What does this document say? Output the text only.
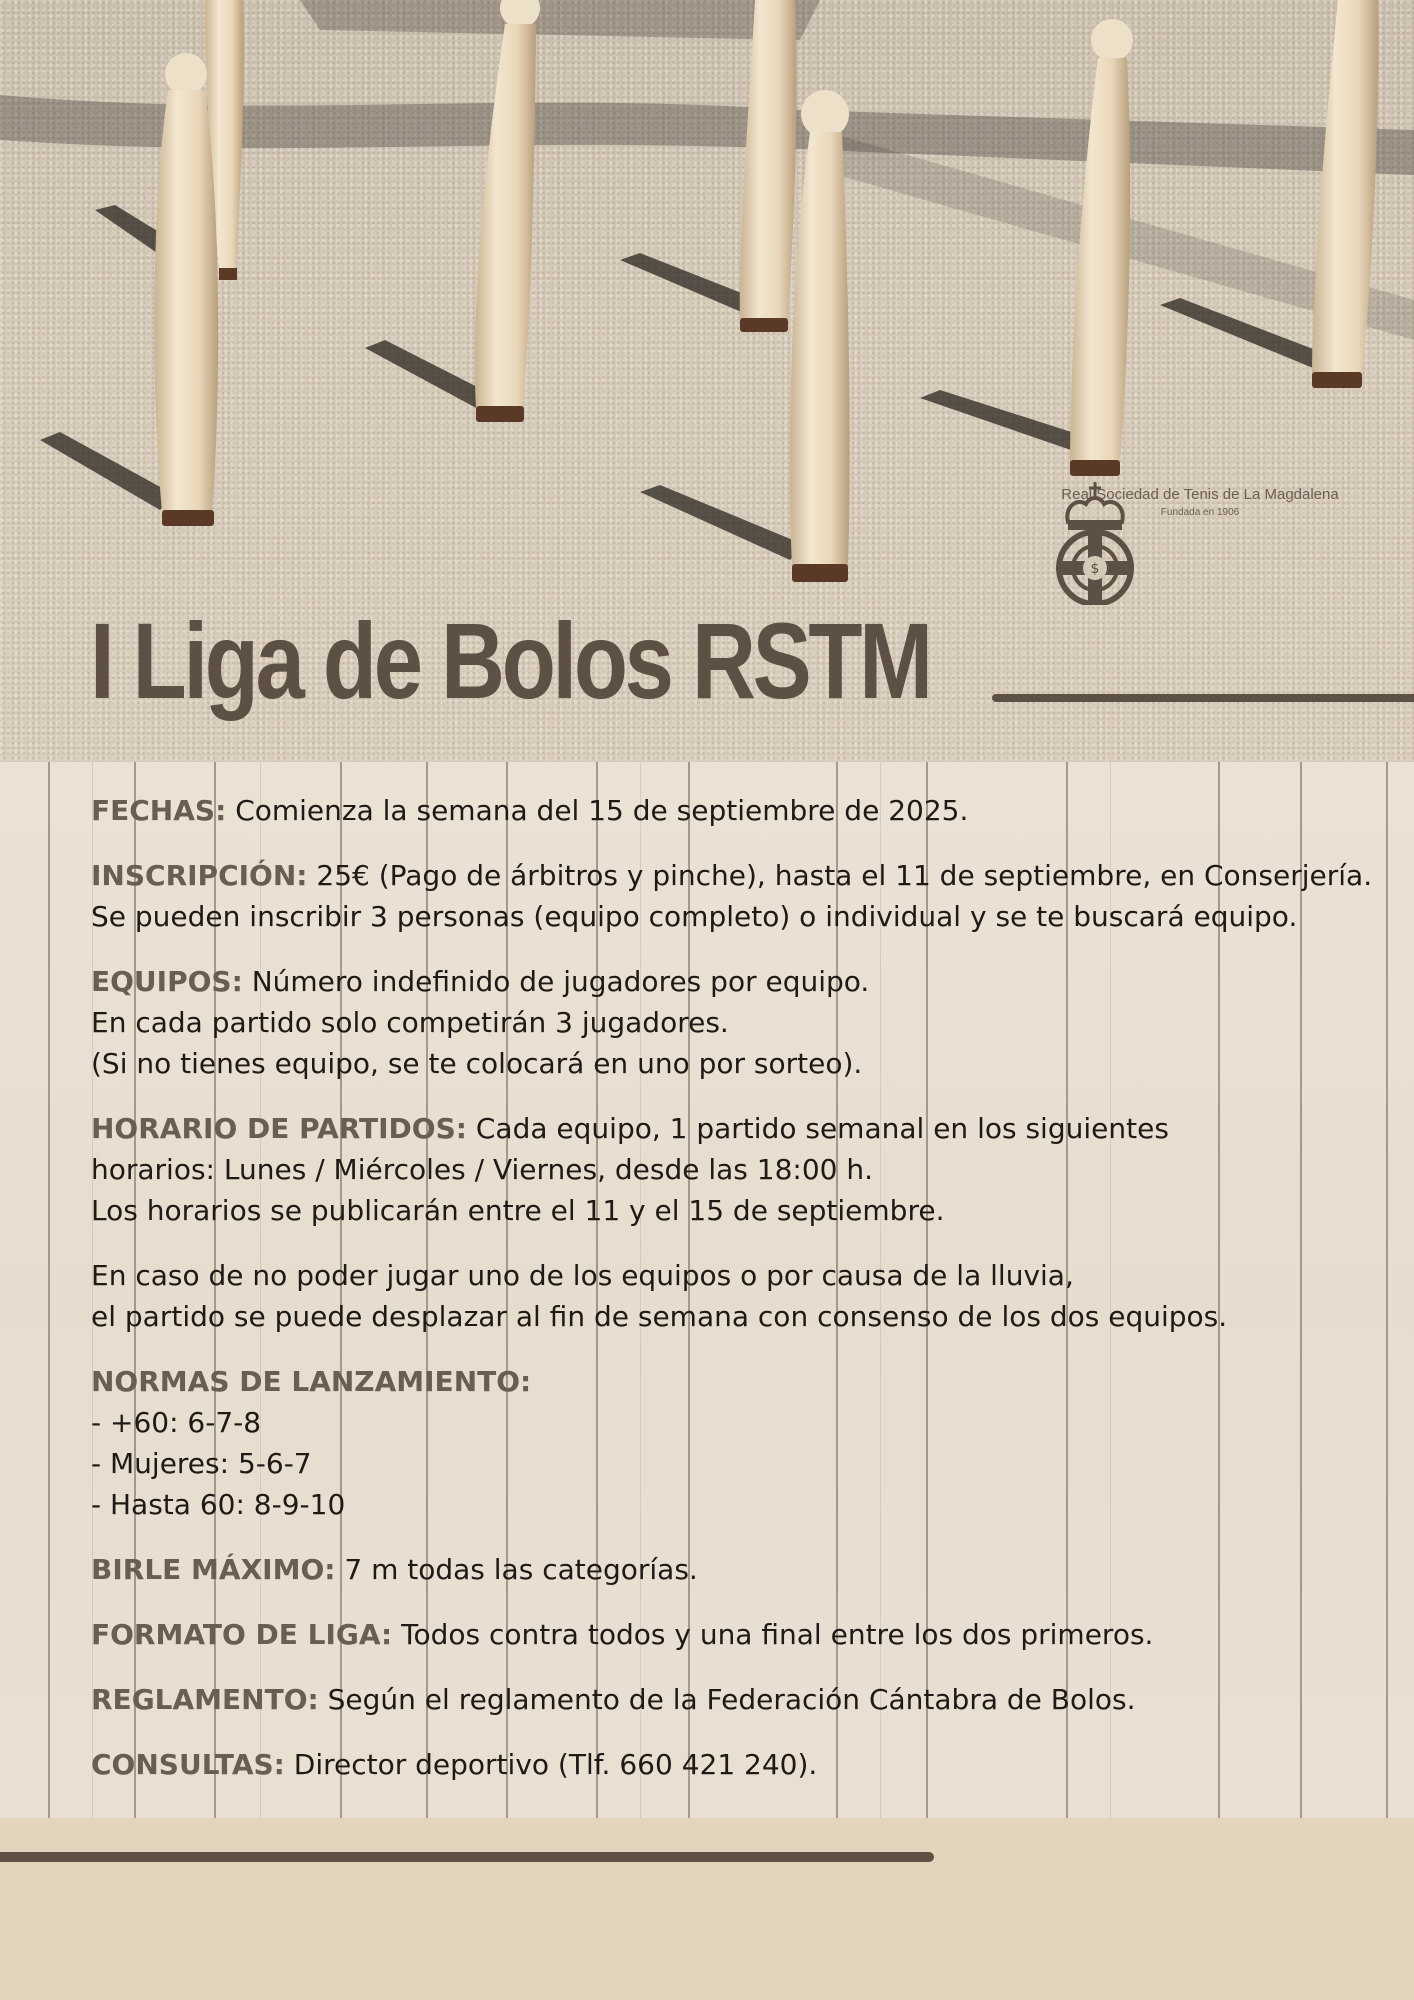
$
Real Sociedad de Tenis de La Magdalena
Fundada en 1906
I Liga de Bolos RSTM

FECHAS: Comienza la semana del 15 de septiembre de 2025.

INSCRIPCIÓN: 25€ (Pago de árbitros y pinche), hasta el 11 de septiembre, en Conserjería.
Se pueden inscribir 3 personas (equipo completo) o individual y se te buscará equipo.

EQUIPOS: Número indefinido de jugadores por equipo.
En cada partido solo competirán 3 jugadores.
(Si no tienes equipo, se te colocará en uno por sorteo).

HORARIO DE PARTIDOS: Cada equipo, 1 partido semanal en los siguientes
horarios: Lunes / Miércoles / Viernes, desde las 18:00 h.
Los horarios se publicarán entre el 11 y el 15 de septiembre.

En caso de no poder jugar uno de los equipos o por causa de la lluvia,
el partido se puede desplazar al fin de semana con consenso de los dos equipos.

NORMAS DE LANZAMIENTO:
- +60: 6-7-8
- Mujeres: 5-6-7
- Hasta 60: 8-9-10

BIRLE MÁXIMO: 7 m todas las categorías.

FORMATO DE LIGA: Todos contra todos y una final entre los dos primeros.

REGLAMENTO: Según el reglamento de la Federación Cántabra de Bolos.

CONSULTAS: Director deportivo (Tlf. 660 421 240).
